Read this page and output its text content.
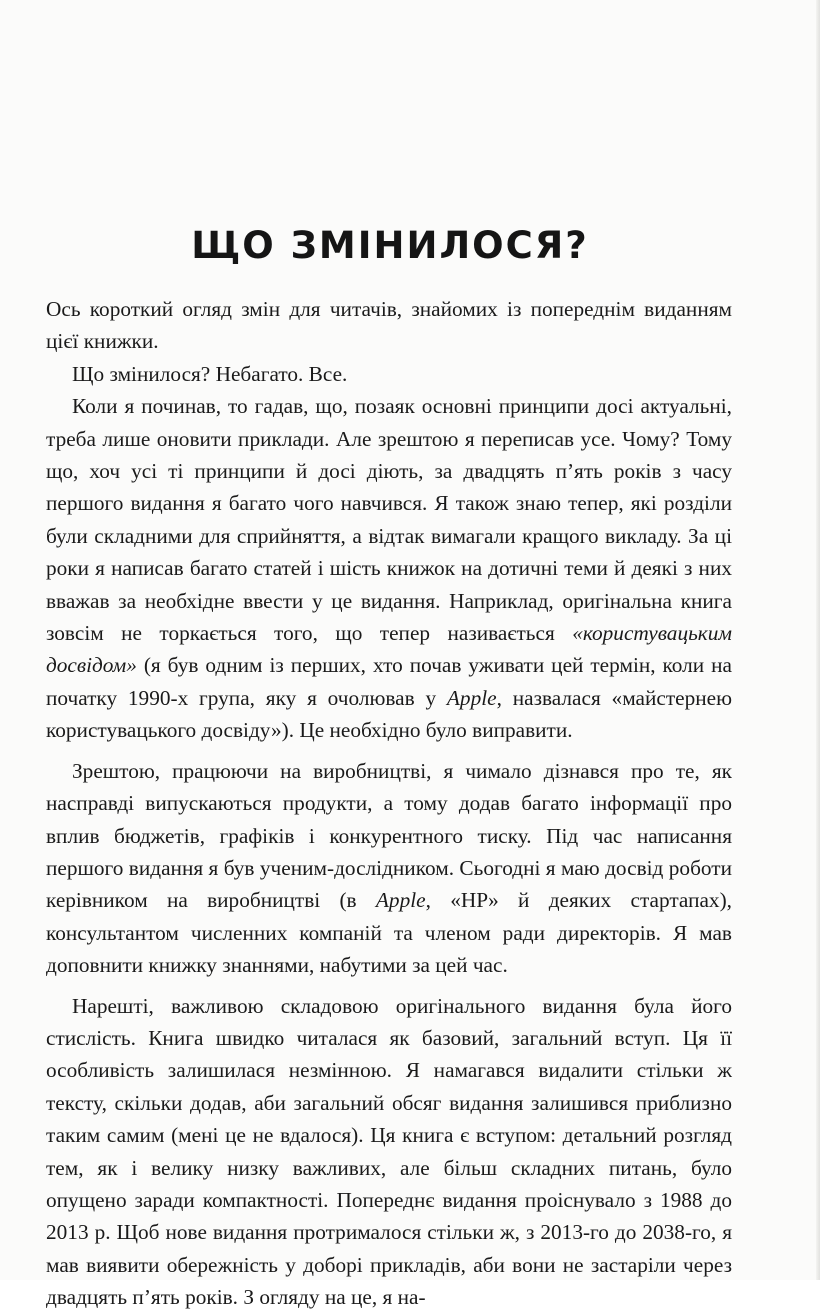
ЩО ЗМІНИЛОСЯ?

Ось короткий огляд змін для читачів, знайомих із попереднім виданням цієї книжки.

Що змінилося? Небагато. Все.

Коли я починав, то гадав, що, позаяк основні принципи досі актуальні, треба лише оновити приклади. Але зрештою я переписав усе. Чому? Тому що, хоч усі ті принципи й досі діють, за двадцять п’ять років з часу першого видання я багато чого навчився. Я також знаю тепер, які розділи були складними для сприйняття, а відтак вимагали кращого викладу. За ці роки я написав багато статей і шість книжок на дотичні теми й деякі з них вважав за необхідне ввести у це видання. Наприклад, оригінальна книга зовсім не торкається того, що тепер називається «користувацьким досвідом» (я був одним із перших, хто почав уживати цей термін, коли на початку 1990-х група, яку я очолював у Apple, назвалася «майстернею користувацького досвіду»). Це необхідно було виправити.

Зрештою, працюючи на виробництві, я чимало дізнався про те, як насправді випускаються продукти, а тому додав багато інформації про вплив бюджетів, графіків і конкурентного тиску. Під час написання першого видання я був ученим-дослідником. Сьогодні я маю досвід роботи керівником на виробництві (в Apple, «HP» й деяких стартапах), консультантом численних компаній та членом ради директорів. Я мав доповнити книжку знаннями, набутими за цей час.

Нарешті, важливою складовою оригінального видання була його стисліcть. Книга швидко читалася як базовий, загальний вступ. Ця її особливість залишилася незмінною. Я намагався видалити стільки ж тексту, скільки додав, аби загальний обсяг видання залишився приблизно таким самим (мені це не вдалося). Ця книга є вступом: детальний розгляд тем, як і велику низку важливих, але більш складних питань, було опущено заради компактності. Попереднє видання проіснувало з 1988 до 2013 р. Щоб нове видання протрималося стільки ж, з 2013-го до 2038-го, я мав виявити обережність у доборі прикладів, аби вони не застаріли через двадцять п’ять років. З огляду на це, я на-
